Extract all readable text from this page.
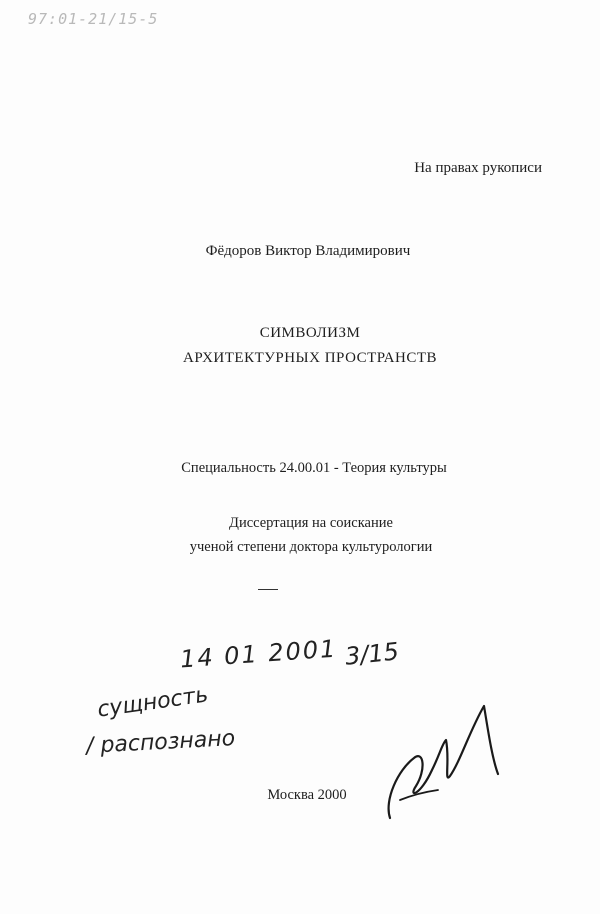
97:01-21/15-5
На правах рукописи
Фёдоров Виктор Владимирович
СИМВОЛИЗМ
АРХИТЕКТУРНЫХ ПРОСТРАНСТВ
Специальность 24.00.01 - Теория культуры
Диссертация на соискание
ученой степени доктора культурологии
14 01 2001 3/15
сущность
/ распознано
Москва 2000
